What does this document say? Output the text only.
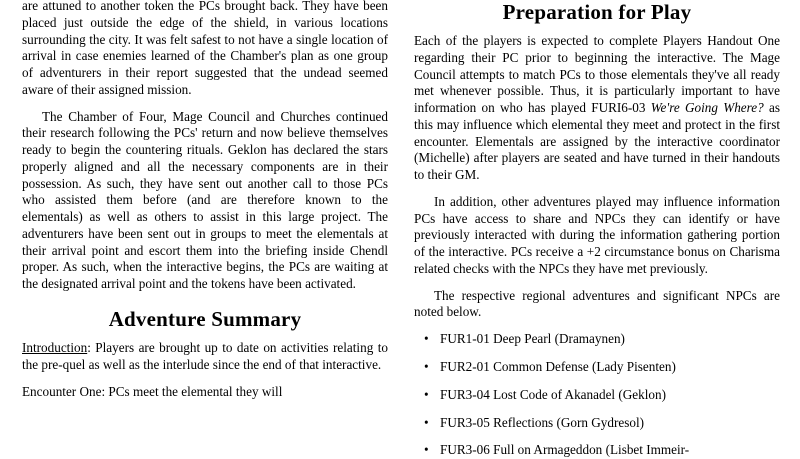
are attuned to another token the PCs brought back. They have been placed just outside the edge of the shield, in various locations surrounding the city. It was felt safest to not have a single location of arrival in case enemies learned of the Chamber's plan as one group of adventurers in their report suggested that the undead seemed aware of their assigned mission.

The Chamber of Four, Mage Council and Churches continued their research following the PCs' return and now believe themselves ready to begin the countering rituals. Geklon has declared the stars properly aligned and all the necessary components are in their possession. As such, they have sent out another call to those PCs who assisted them before (and are therefore known to the elementals) as well as others to assist in this large project. The adventurers have been sent out in groups to meet the elementals at their arrival point and escort them into the briefing inside Chendl proper. As such, when the interactive begins, the PCs are waiting at the designated arrival point and the tokens have been activated.

Adventure Summary

Introduction: Players are brought up to date on activities relating to the pre-quel as well as the interlude since the end of that interactive.

Encounter One: PCs meet the elemental they will

Preparation for Play

Each of the players is expected to complete Players Handout One regarding their PC prior to beginning the interactive. The Mage Council attempts to match PCs to those elementals they've all ready met whenever possible. Thus, it is particularly important to have information on who has played FURI6-03 We're Going Where? as this may influence which elemental they meet and protect in the first encounter. Elementals are assigned by the interactive coordinator (Michelle) after players are seated and have turned in their handouts to their GM.

In addition, other adventures played may influence information PCs have access to share and NPCs they can identify or have previously interacted with during the information gathering portion of the interactive. PCs receive a +2 circumstance bonus on Charisma related checks with the NPCs they have met previously.

The respective regional adventures and significant NPCs are noted below.

• FUR1-01 Deep Pearl (Dramaynen)
• FUR2-01 Common Defense (Lady Pisenten)
• FUR3-04 Lost Code of Akanadel (Geklon)
• FUR3-05 Reflections (Gorn Gydresol)
• FUR3-06 Full on Armageddon (Lisbet Immeir-
